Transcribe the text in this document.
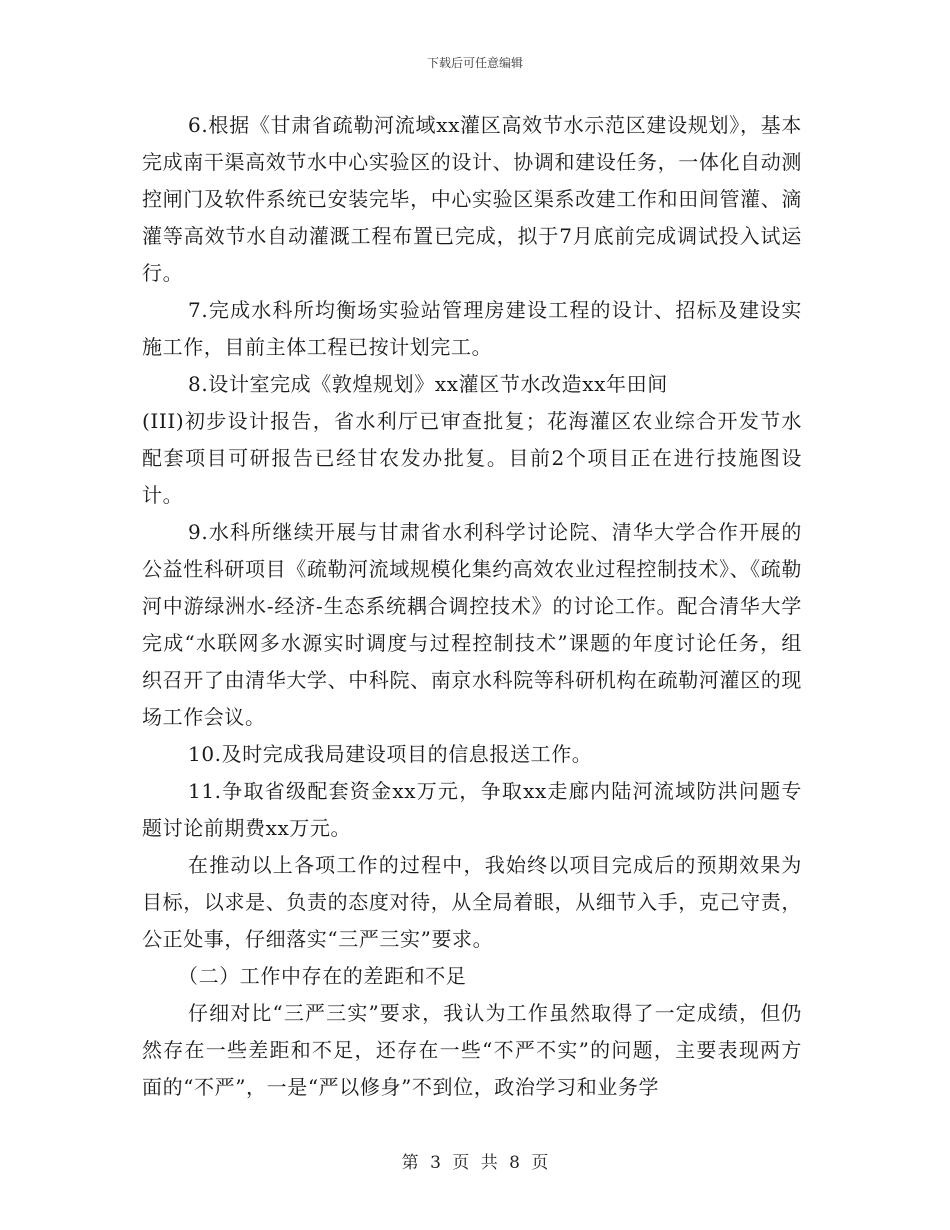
下载后可任意编辑

6.根据《甘肃省疏勒河流域xx灌区高效节水示范区建设规划》，基本完成南干渠高效节水中心实验区的设计、协调和建设任务，一体化自动测控闸门及软件系统已安装完毕，中心实验区渠系改建工作和田间管灌、滴灌等高效节水自动灌溉工程布置已完成，拟于7月底前完成调试投入试运行。

7.完成水科所均衡场实验站管理房建设工程的设计、招标及建设实施工作，目前主体工程已按计划完工。

8.设计室完成《敦煌规划》xx灌区节水改造xx年田间

(III)初步设计报告，省水利厅已审查批复；花海灌区农业综合开发节水配套项目可研报告已经甘农发办批复。目前2个项目正在进行技施图设计。

9.水科所继续开展与甘肃省水利科学讨论院、清华大学合作开展的公益性科研项目《疏勒河流域规模化集约高效农业过程控制技术》、《疏勒河中游绿洲水-经济-生态系统耦合调控技术》的讨论工作。配合清华大学完成“水联网多水源实时调度与过程控制技术”课题的年度讨论任务，组织召开了由清华大学、中科院、南京水科院等科研机构在疏勒河灌区的现场工作会议。

10.及时完成我局建设项目的信息报送工作。

11.争取省级配套资金xx万元，争取xx走廊内陆河流域防洪问题专题讨论前期费xx万元。

在推动以上各项工作的过程中，我始终以项目完成后的预期效果为目标，以求是、负责的态度对待，从全局着眼，从细节入手，克己守责，公正处事，仔细落实“三严三实”要求。

（二）工作中存在的差距和不足

仔细对比“三严三实”要求，我认为工作虽然取得了一定成绩，但仍然存在一些差距和不足，还存在一些“不严不实”的问题，主要表现两方面的“不严”，一是“严以修身”不到位，政治学习和业务学

第 3 页 共 8 页
